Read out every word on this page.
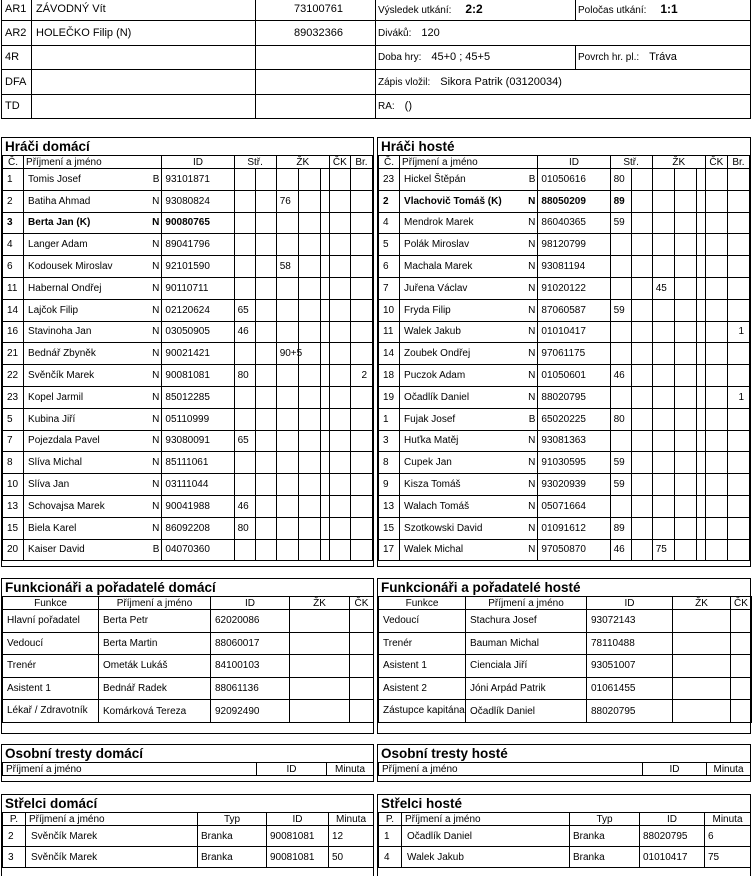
AR1	ZÁVODNÝ Vít	73100761	Výsledek utkání: 2:2	Poločas utkání: 1:1
AR2	HOLEČKO Filip (N)	89032366	Diváků: 120	
4R			Doba hry: 45+0 ; 45+5	Povrch hr. pl.: Tráva
DFA			Zápis vložil: Sikora Patrik (03120034)	
TD			RA: ()	
Hráči domácí
Č.	Příjmení a jméno	ID	Stř.		ŽK			ČK	Br.
1	Tomis Josef B	93101871							
2	Batiha Ahmad N	93080824			76				
3	Berta Jan (K) N	90080765							
4	Langer Adam N	89041796							
6	Kodousek Miroslav N	92101590			58				
11	Habernal Ondřej N	90110711							
14	Lajčok Filip N	02120624	65						
16	Stavinoha Jan N	03050905	46						
21	Bednář Zbyněk N	90021421			90+5				
22	Svěnčík Marek N	90081081	80						2
23	Kopel Jarmil N	85012285							
5	Kubina Jiří N	05110999							
7	Pojezdala Pavel N	93080091	65						
8	Slíva Michal N	85111061							
10	Slíva Jan N	03111044							
13	Schovajsa Marek N	90041988	46						
15	Biela Karel N	86092208	80						
20	Kaiser David B	04070360							
Hráči hosté
Č.	Příjmení a jméno	ID	Stř.		ŽK			ČK	Br.
23	Hickel Štěpán B	01050616	80						
2	Vlachovič Tomáš (K) N	88050209	89						
4	Mendrok Marek N	86040365	59						
5	Polák Miroslav N	98120799							
6	Machala Marek N	93081194							
7	Juřena Václav N	91020122			45				
10	Fryda Filip N	87060587	59						
11	Walek Jakub N	01010417							1
14	Zoubek Ondřej N	97061175							
18	Puczok Adam N	01050601	46						
19	Očadlík Daniel N	88020795							1
1	Fujak Josef B	65020225	80						
3	Huťka Matěj N	93081363							
8	Cupek Jan N	91030595	59						
9	Kisza Tomáš N	93020939	59						
13	Walach Tomáš N	05071664							
15	Szotkowski David N	01091612	89						
17	Walek Michal N	97050870	46		75				
Funkcionáři a pořadatelé domácí
Funkce	Příjmení a jméno	ID	ŽK	ČK
Hlavní pořadatel	Berta Petr	62020086		
Vedoucí	Berta Martin	88060017		
Trenér	Ometák Lukáš	84100103		
Asistent 1	Bednář Radek	88061136		
Lékař / Zdravotník	Komárková Tereza	92092490		
Funkcionáři a pořadatelé hosté
Funkce	Příjmení a jméno	ID	ŽK	ČK
Vedoucí	Stachura Josef	93072143		
Trenér	Bauman Michal	78110488		
Asistent 1	Cienciala Jiří	93051007		
Asistent 2	Jóni Arpád Patrik	01061455		
Zástupce kapitána	Očadlík Daniel	88020795		
Osobní tresty domácí
Příjmení a jméno	ID	Minuta
Osobní tresty hosté
Příjmení a jméno	ID	Minuta
Střelci domácí
P.	Příjmení a jméno	Typ	ID	Minuta
2	Svěnčík Marek	Branka	90081081	12
3	Svěnčík Marek	Branka	90081081	50
Střelci hosté
P.	Příjmení a jméno	Typ	ID	Minuta
1	Očadlík Daniel	Branka	88020795	6
4	Walek Jakub	Branka	01010417	75
